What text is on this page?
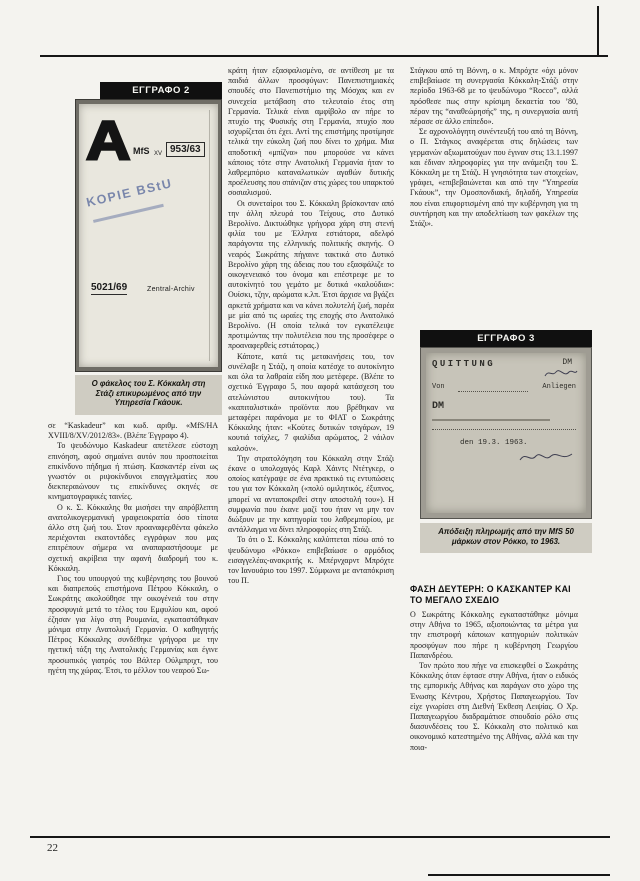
ΕΓΓΡΑΦΟ 2
A MfS XV 953/63
KOPIE BStU
5021/69	Zentral-Archiv
Ο φάκελος του Σ. Κόκκαλη στη Στάζι επικυρωμένος από την Υπηρεσία Γκάουκ.
ΕΓΓΡΑΦΟ 3
QUITTUNG	DM
Von	Anliegen
DM
den 19.3. 1963.
Απόδειξη πληρωμής από την MfS 50 μάρκων στον Ρόκκο, το 1963.
ΦΑΣΗ ΔΕΥΤΕΡΗ: Ο ΚΑΣΚΑΝΤΕΡ ΚΑΙ ΤΟ ΜΕΓΑΛΟ ΣΧΕΔΙΟ

σε “Kaskadeur” και κωδ. αριθμ. «MfS/HA XVIII/8/XV/2012/83». (Βλέπε Έγγραφο 4).

Το ψευδώνυμο Kaskadeur απετέλεσε εύστοχη επινόηση, αφού σημαίνει αυτόν που προσποιείται επικίνδυνο πήδημα ή πτώση. Κασκαντέρ είναι ως γνωστόν οι ριψοκίνδυνοι επαγγελματίες που διεκπεραιώνουν τις επικίνδυνες σκηνές σε κινηματογραφικές ταινίες.

Ο κ. Σ. Κόκκαλης θα μισήσει την απρόβλεπτη ανατολικογερμανική γραφειοκρατία όσο τίποτα άλλο στη ζωή του. Στον προαναφερθέντα φάκελο περιέχονται εκατοντάδες εγγράφων που μας επιτρέπουν σήμερα να αναπαραστήσουμε με σχετική ακρίβεια την αφανή διαδρομή του κ. Κόκκαλη.

Γιος του υπουργού της κυβέρνησης του βουνού και διαπρεπούς επιστήμονα Πέτρου Κόκκαλη, ο Σωκράτης ακολούθησε την οικογένειά του στην προσφυγιά μετά το τέλος του Εμφυλίου και, αφού έζησαν για λίγο στη Ρουμανία, εγκαταστάθηκαν μόνιμα στην Ανατολική Γερμανία. Ο καθηγητής Πέτρος Κόκκαλης συνδέθηκε γρήγορα με την ηγετική τάξη της Ανατολικής Γερμανίας και έγινε προσωπικός γιατρός του Βάλτερ Ούλμπριχτ, του ηγέτη της χώρας. Έτσι, το μέλλον του νεαρού Σω-

κράτη ήταν εξασφαλισμένο, σε αντίθεση με τα παιδιά άλλων προσφύγων: Πανεπιστημιακές σπουδές στο Πανεπιστήμιο της Μόσχας και εν συνεχεία μετάβαση στο τελευταίο έτος στη Γερμανία. Τελικά είναι αμφίβολο αν πήρε το πτυχίο της Φυσικής στη Γερμανία, πτυχίο που ισχυρίζεται ότι έχει. Αντί της επιστήμης προτίμησε τελικά την εύκολη ζωή που δίνει το χρήμα. Μια αποδοτική «μπίζνα» που μπορούσε να κάνει κάποιος τότε στην Ανατολική Γερμανία ήταν το λαθρεμπόριο καταναλωτικών αγαθών δυτικής προέλευσης που σπάνιζαν στις χώρες του υπαρκτού σοσιαλισμού.

Οι συνεταίροι του Σ. Κόκκαλη βρίσκονταν από την άλλη πλευρά του Τείχους, στο Δυτικό Βερολίνο. Δικτυώθηκε γρήγορα χάρη στη στενή φιλία του με Έλληνα εστιάτορα, αδελφό παράγοντα της ελληνικής πολιτικής σκηνής. Ο νεαρός Σωκράτης πήγαινε τακτικά στο Δυτικό Βερολίνο χάρη της άδειας που του εξασφάλιζε το οικογενειακό του όνομα και επέστρεφε με το αυτοκίνητό του γεμάτο με δυτικά «καλούδια»: Ουίσκι, τζην, αρώματα κ.λπ. Έτσι άρχισε να βγάζει αρκετά χρήματα και να κάνει πολυτελή ζωή, παρέα με μία από τις ωραίες της εποχής στο Ανατολικό Βερολίνο. (Η οποία τελικά τον εγκατέλειψε προτιμώντας την πολυτέλεια που της προσέφερε ο προαναφερθείς εστιάτορας.)

Κάποτε, κατά τις μετακινήσεις του, τον συνέλαβε η Στάζι, η οποία κατέσχε το αυτοκίνητο και όλα τα λαθραία είδη που μετέφερε. (Βλέπε το σχετικό Έγγραφο 5, που αφορά κατάσχεση του ατελώνιστου αυτοκινήτου του). Τα «καπιταλιστικά» προϊόντα που βρέθηκαν να μεταφέρει παράνομα με το ΦΙΑΤ ο Σωκράτης Κόκκαλης ήταν: «Κούτες δυτικών τσιγάρων, 19 κουτιά τσίχλες, 7 φιαλίδια αρώματος, 2 νάιλον καλσόν».

Την στρατολόγηση του Κόκκαλη στην Στάζι έκανε ο υπολοχαγός Καρλ Χάιντς Ντέτγκερ, ο οποίος κατέγραψε σε ένα πρακτικό τις εντυπώσεις του για τον Κόκκαλη («πολύ ομιλητικός, έξυπνος, μπορεί να ανταποκριθεί στην αποστολή του»). Η συμφωνία που έκανε μαζί του ήταν να μην τον διώξουν με την κατηγορία του λαθρεμπορίου, με αντάλλαγμα να δίνει πληροφορίες στη Στάζι.

Το ότι ο Σ. Κόκκαλης καλύπτεται πίσω από το ψευδώνυμο «Ρόκκο» επιβεβαίωσε ο αρμόδιος εισαγγελέας-ανακριτής κ. Μπέρνχαρντ Μπρόχτε τον Ιανουάριο του 1997. Σύμφωνα με ανταπόκριση του Π.

Στάγκου από τη Βόννη, ο κ. Μπρόχτε «όχι μόνον επιβεβαίωσε τη συνεργασία Κόκκαλη-Στάζι στην περίοδο 1963-68 με το ψευδώνυμο “Rocco”, αλλά πρόσθεσε πως στην κρίσιμη δεκαετία του ’80, πέραν της “αναθεώρησής” της, η συνεργασία αυτή πέρασε σε άλλο επίπεδο».

Σε αχρονολόγητη συνέντευξή του από τη Βόννη, ο Π. Στάγκος αναφέρεται στις δηλώσεις των γερμανών αξιωματούχων που έγιναν στις 13.1.1997 και έδιναν πληροφορίες για την ανάμειξη του Σ. Κόκκαλη με τη Στάζι. Η γνησιότητα των στοιχείων, γράφει, «επιβεβαιώνεται και από την “Υπηρεσία Γκάουκ”, την Ομοσπονδιακή, δηλαδή, Υπηρεσία που είναι επιφορτισμένη από την κυβέρνηση για τη συντήρηση και την αποδελτίωση των φακέλων της Στάζι».

Ο Σωκράτης Κόκκαλης εγκαταστάθηκε μόνιμα στην Αθήνα το 1965, αξιοποιώντας τα μέτρα για την επιστροφή κάποιων κατηγοριών πολιτικών προσφύγων που πήρε η κυβέρνηση Γεωργίου Παπανδρέου.

Τον πρώτο που πήγε να επισκεφθεί ο Σωκράτης Κόκκαλης όταν έφτασε στην Αθήνα, ήταν ο ειδικός της εμπορικής Αθήνας και παράγων στο χώρο της Ένωσης Κέντρου, Χρήστος Παπαγεωργίου. Τον είχε γνωρίσει στη Διεθνή Έκθεση Λειψίας. Ο Χρ. Παπαγεωργίου διαδραμάτισε σπουδαίο ρόλο στις διασυνδέσεις του Σ. Κόκκαλη στο πολιτικό και οικονομικό κατεστημένο της Αθήνας, αλλά και την ποια-

22
